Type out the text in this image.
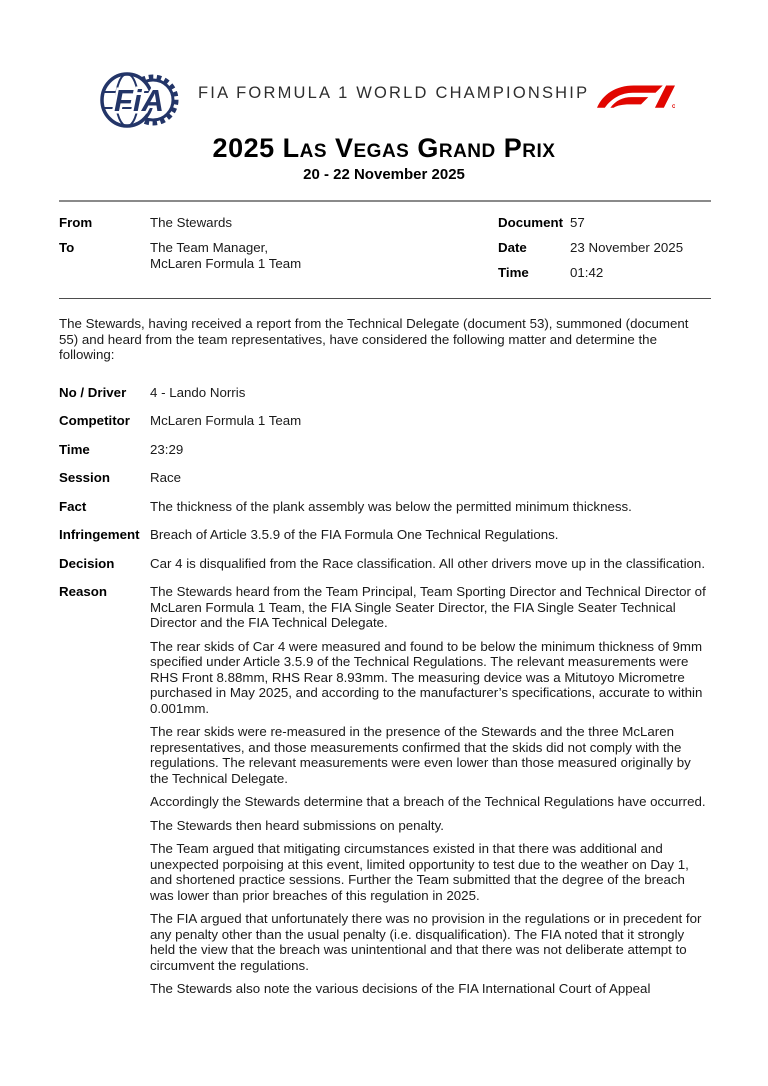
FiA FIA FORMULA 1 WORLD CHAMPIONSHIP
2025 Las Vegas Grand Prix

20 - 22 November 2025

From	The Stewards
To	The Team Manager,
McLaren Formula 1 Team
Document 57
Date	23 November 2025
Time	01:42

The Stewards, having received a report from the Technical Delegate (document 53), summoned (document 55) and heard from the team representatives, have considered the following matter and determine the following:

No / Driver	4 - Lando Norris
Competitor	McLaren Formula 1 Team
Time	23:29
Session	Race
Fact	The thickness of the plank assembly was below the permitted minimum thickness.
Infringement Breach of Article 3.5.9 of the FIA Formula One Technical Regulations.
Decision	Car 4 is disqualified from the Race classification. All other drivers move up in the classification.
Reason	The Stewards heard from the Team Principal, Team Sporting Director and Technical Director of McLaren Formula 1 Team, the FIA Single Seater Director, the FIA Single Seater Technical Director and the FIA Technical Delegate.

The rear skids of Car 4 were measured and found to be below the minimum thickness of 9mm specified under Article 3.5.9 of the Technical Regulations. The relevant measurements were RHS Front 8.88mm, RHS Rear 8.93mm. The measuring device was a Mitutoyo Micrometre purchased in May 2025, and according to the manufacturer’s specifications, accurate to within 0.001mm.

The rear skids were re-measured in the presence of the Stewards and the three McLaren representatives, and those measurements confirmed that the skids did not comply with the regulations. The relevant measurements were even lower than those measured originally by the Technical Delegate.

Accordingly the Stewards determine that a breach of the Technical Regulations have occurred.

The Stewards then heard submissions on penalty.

The Team argued that mitigating circumstances existed in that there was additional and unexpected porpoising at this event, limited opportunity to test due to the weather on Day 1, and shortened practice sessions. Further the Team submitted that the degree of the breach was lower than prior breaches of this regulation in 2025.

The FIA argued that unfortunately there was no provision in the regulations or in precedent for any penalty other than the usual penalty (i.e. disqualification). The FIA noted that it strongly held the view that the breach was unintentional and that there was not deliberate attempt to circumvent the regulations.

The Stewards also note the various decisions of the FIA International Court of Appeal
